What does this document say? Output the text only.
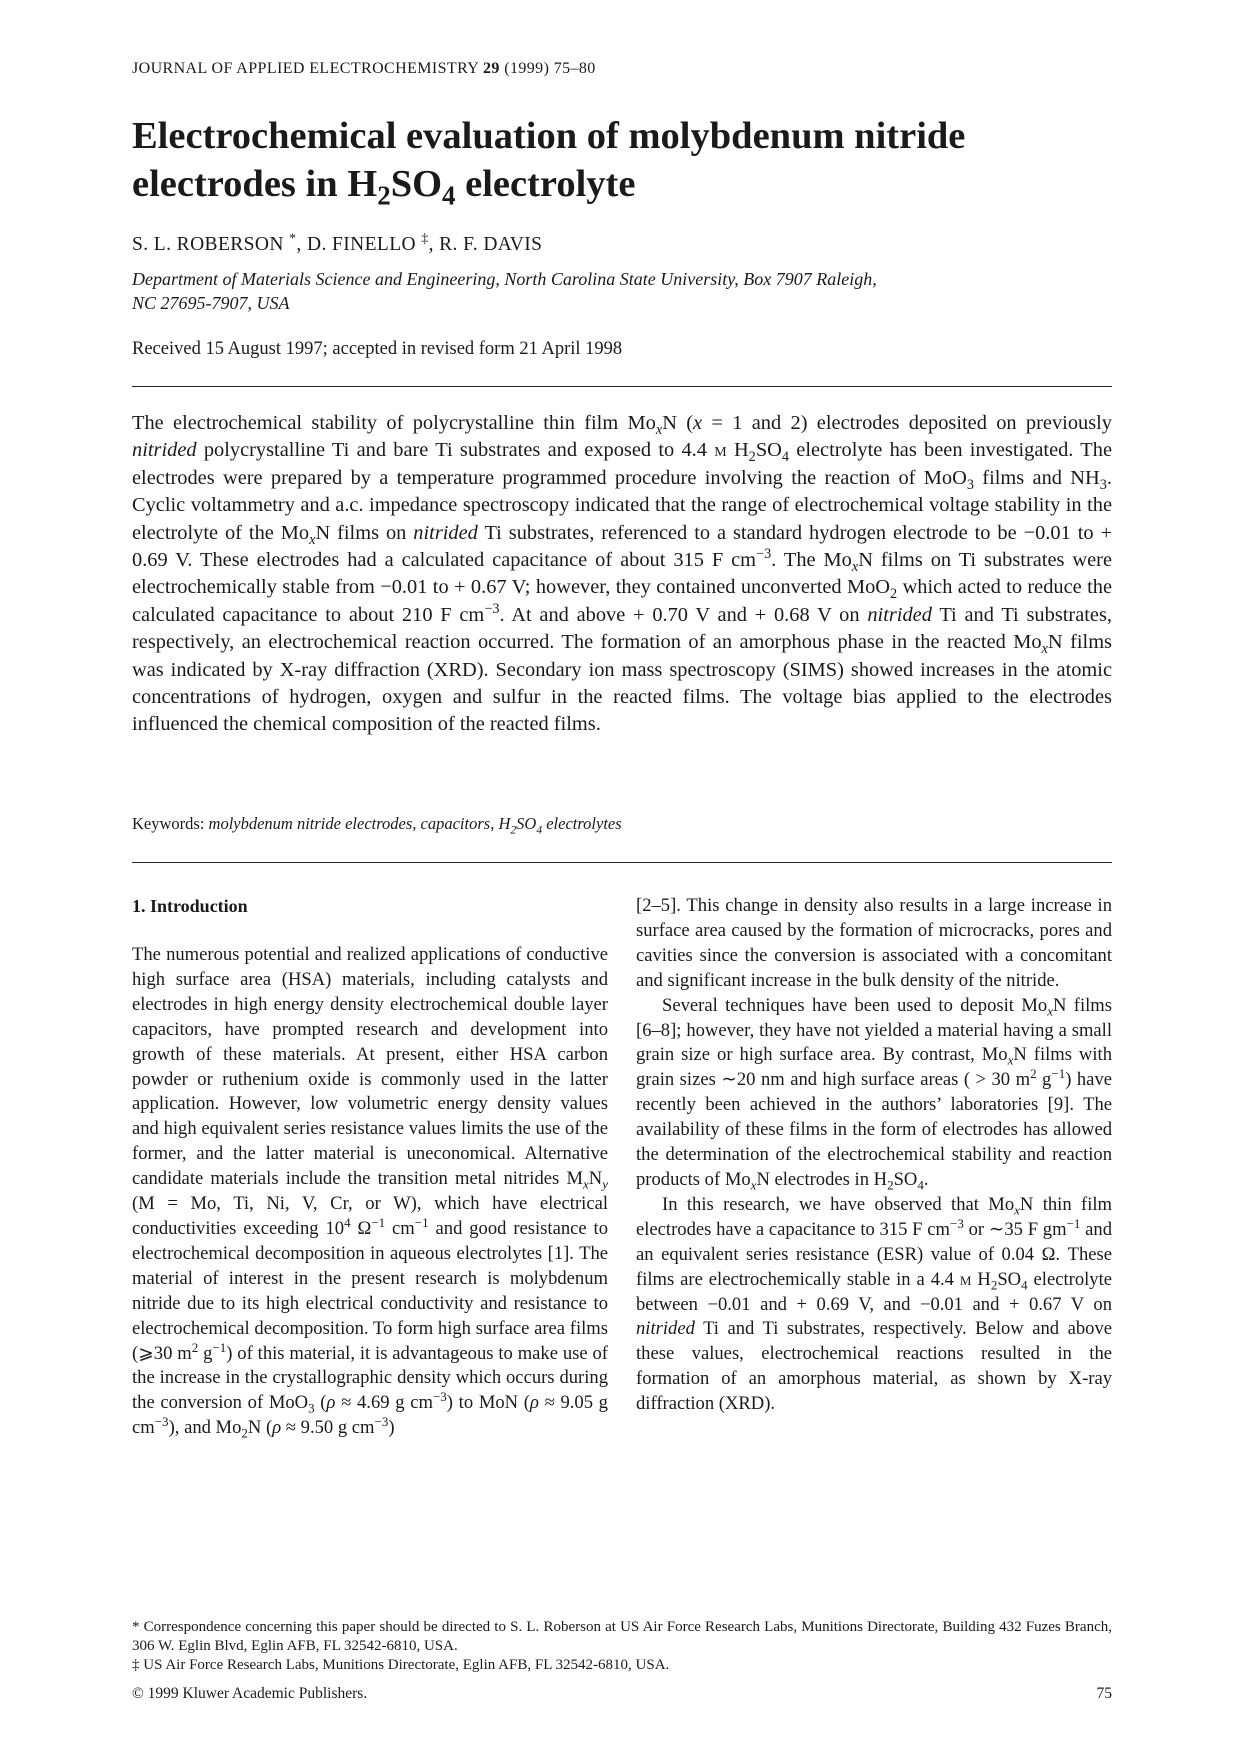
JOURNAL OF APPLIED ELECTROCHEMISTRY 29 (1999) 75–80
Electrochemical evaluation of molybdenum nitride
electrodes in $H_2SO_4$ electrolyte
S. L. ROBERSON *, D. FINELLO ‡, R. F. DAVIS
Department of Materials Science and Engineering, North Carolina State University, Box 7907 Raleigh,
NC 27695-7907, USA
Received 15 August 1997; accepted in revised form 21 April 1998
The electrochemical stability of polycrystalline thin film $Mo_xN$ (x = 1 and 2) electrodes deposited on previously nitrided polycrystalline Ti and bare Ti substrates and exposed to 4.4 m $H_2SO_4$ electrolyte has been investigated. The electrodes were prepared by a temperature programmed procedure involving the reaction of MoO$_3$ films and $NH_3$. Cyclic voltammetry and a.c. impedance spectroscopy indicated that the range of electrochemical voltage stability in the electrolyte of the $Mo_xN$ films on nitrided Ti substrates, referenced to a standard hydrogen electrode to be −0.01 to + 0.69 V. These electrodes had a calculated capacitance of about 315 F $cm^{-3}$. The $Mo_xN$ films on Ti substrates were electrochemically stable from −0.01 to + 0.67 V; however, they contained unconverted MoO$_2$ which acted to reduce the calculated capacitance to about 210 F $cm^{-3}$. At and above + 0.70 V and + 0.68 V on nitrided Ti and Ti substrates, respectively, an electrochemical reaction occurred. The formation of an amorphous phase in the reacted $Mo_xN$ films was indicated by X-ray diffraction (XRD). Secondary ion mass spectroscopy (SIMS) showed increases in the atomic concentrations of hydrogen, oxygen and sulfur in the reacted films. The voltage bias applied to the electrodes influenced the chemical composition of the reacted films.
Keywords: molybdenum nitride electrodes, capacitors, $H_2SO_4$ electrolytes
1. Introduction

The numerous potential and realized applications of conductive high surface area (HSA) materials, including catalysts and electrodes in high energy density electrochemical double layer capacitors, have prompted research and development into growth of these materials. At present, either HSA carbon powder or ruthenium oxide is commonly used in the latter application. However, low volumetric energy density values and high equivalent series resistance values limits the use of the former, and the latter material is uneconomical. Alternative candidate materials include the transition metal nitrides $M_xN_y$ (M = Mo, Ti, Ni, V, Cr, or W), which have electrical conductivities exceeding $10^4$ $\Omega^{-1}$ $cm^{-1}$ and good resistance to electrochemical decomposition in aqueous electrolytes [1]. The material of interest in the present research is molybdenum nitride due to its high electrical conductivity and resistance to electrochemical decomposition. To form high surface area films (⩾30 $m^2$ $g^{-1}$) of this material, it is advantageous to make use of the increase in the crystallographic density which occurs during the conversion of MoO$_3$ (ρ ≈ 4.69 g $cm^{-3}$) to MoN (ρ ≈ 9.05 g $cm^{-3}$), and $Mo_2N$ (ρ ≈ 9.50 g $cm^{-3}$)

[2–5]. This change in density also results in a large increase in surface area caused by the formation of microcracks, pores and cavities since the conversion is associated with a concomitant and significant increase in the bulk density of the nitride.

Several techniques have been used to deposit $Mo_xN$ films [6–8]; however, they have not yielded a material having a small grain size or high surface area. By contrast, $Mo_xN$ films with grain sizes ∼20 nm and high surface areas ( > 30 $m^2$ $g^{-1}$) have recently been achieved in the authors’ laboratories [9]. The availability of these films in the form of electrodes has allowed the determination of the electrochemical stability and reaction products of $Mo_xN$ electrodes in $H_2SO_4$.

In this research, we have observed that $Mo_xN$ thin film electrodes have a capacitance to 315 F $cm^{-3}$ or ∼35 F $gm^{-1}$ and an equivalent series resistance (ESR) value of 0.04 Ω. These films are electrochemically stable in a 4.4 m $H_2SO_4$ electrolyte between −0.01 and + 0.69 V, and −0.01 and + 0.67 V on nitrided Ti and Ti substrates, respectively. Below and above these values, electrochemical reactions resulted in the formation of an amorphous material, as shown by X-ray diffraction (XRD).

* Correspondence concerning this paper should be directed to S. L. Roberson at US Air Force Research Labs, Munitions Directorate, Building 432 Fuzes Branch, 306 W. Eglin Blvd, Eglin AFB, FL 32542-6810, USA.

‡ US Air Force Research Labs, Munitions Directorate, Eglin AFB, FL 32542-6810, USA.

© 1999 Kluwer Academic Publishers.	75
